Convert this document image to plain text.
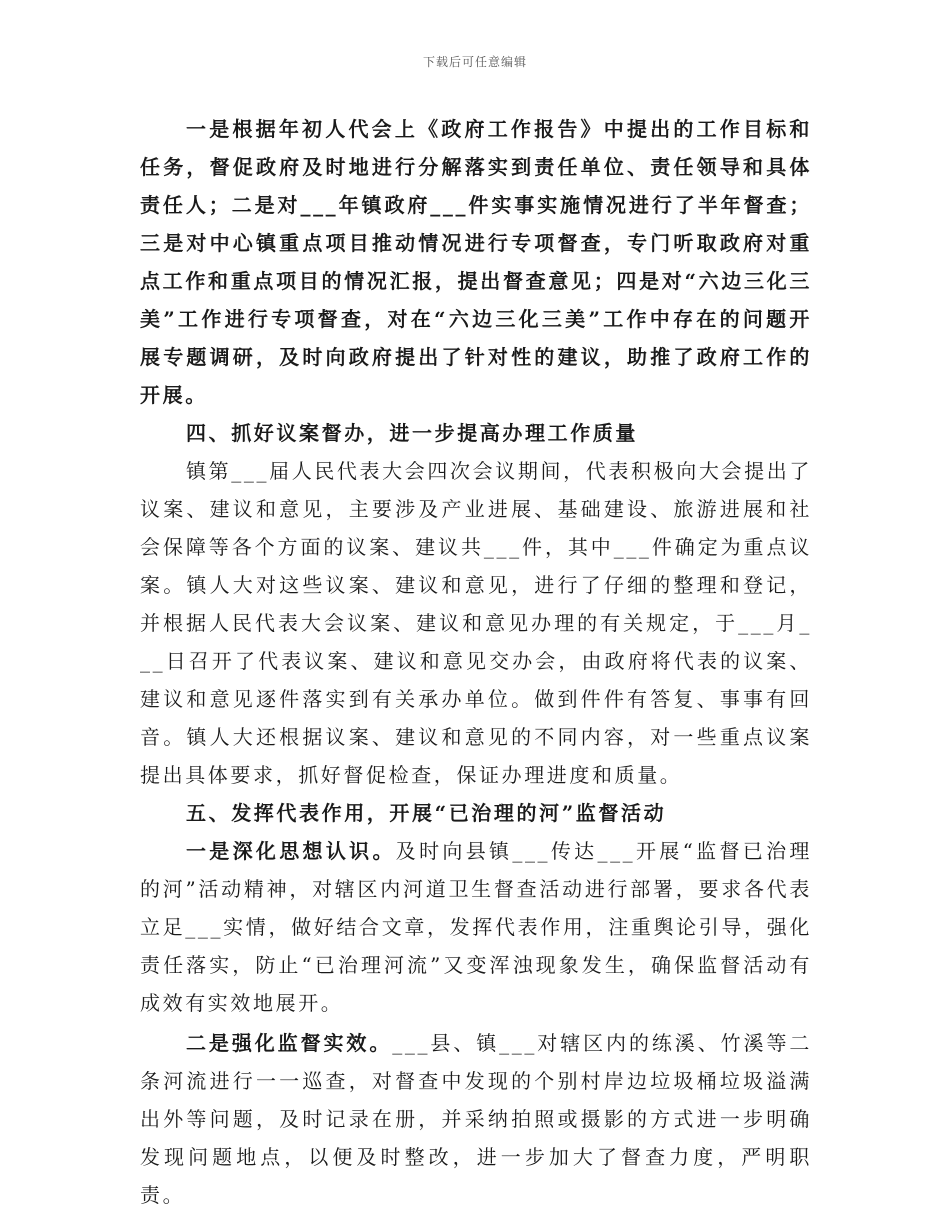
下载后可任意编辑

一是根据年初人代会上《政府工作报告》中提出的工作目标和任务，督促政府及时地进行分解落实到责任单位、责任领导和具体责任人；二是对___年镇政府___件实事实施情况进行了半年督查；三是对中心镇重点项目推动情况进行专项督查，专门听取政府对重点工作和重点项目的情况汇报，提出督查意见；四是对“六边三化三美”工作进行专项督查，对在“六边三化三美”工作中存在的问题开展专题调研，及时向政府提出了针对性的建议，助推了政府工作的开展。

四、抓好议案督办，进一步提高办理工作质量

镇第___届人民代表大会四次会议期间，代表积极向大会提出了议案、建议和意见，主要涉及产业进展、基础建设、旅游进展和社会保障等各个方面的议案、建议共___件，其中___件确定为重点议案。镇人大对这些议案、建议和意见，进行了仔细的整理和登记，并根据人民代表大会议案、建议和意见办理的有关规定，于___月___日召开了代表议案、建议和意见交办会，由政府将代表的议案、建议和意见逐件落实到有关承办单位。做到件件有答复、事事有回音。镇人大还根据议案、建议和意见的不同内容，对一些重点议案提出具体要求，抓好督促检查，保证办理进度和质量。

五、发挥代表作用，开展“已治理的河”监督活动

一是深化思想认识。及时向县镇___传达___开展“监督已治理的河”活动精神，对辖区内河道卫生督查活动进行部署，要求各代表立足___实情，做好结合文章，发挥代表作用，注重舆论引导，强化责任落实，防止“已治理河流”又变浑浊现象发生，确保监督活动有成效有实效地展开。

二是强化监督实效。___县、镇___对辖区内的练溪、竹溪等二条河流进行一一巡查，对督查中发现的个别村岸边垃圾桶垃圾溢满出外等问题，及时记录在册，并采纳拍照或摄影的方式进一步明确发现问题地点，以便及时整改，进一步加大了督查力度，严明职责。
